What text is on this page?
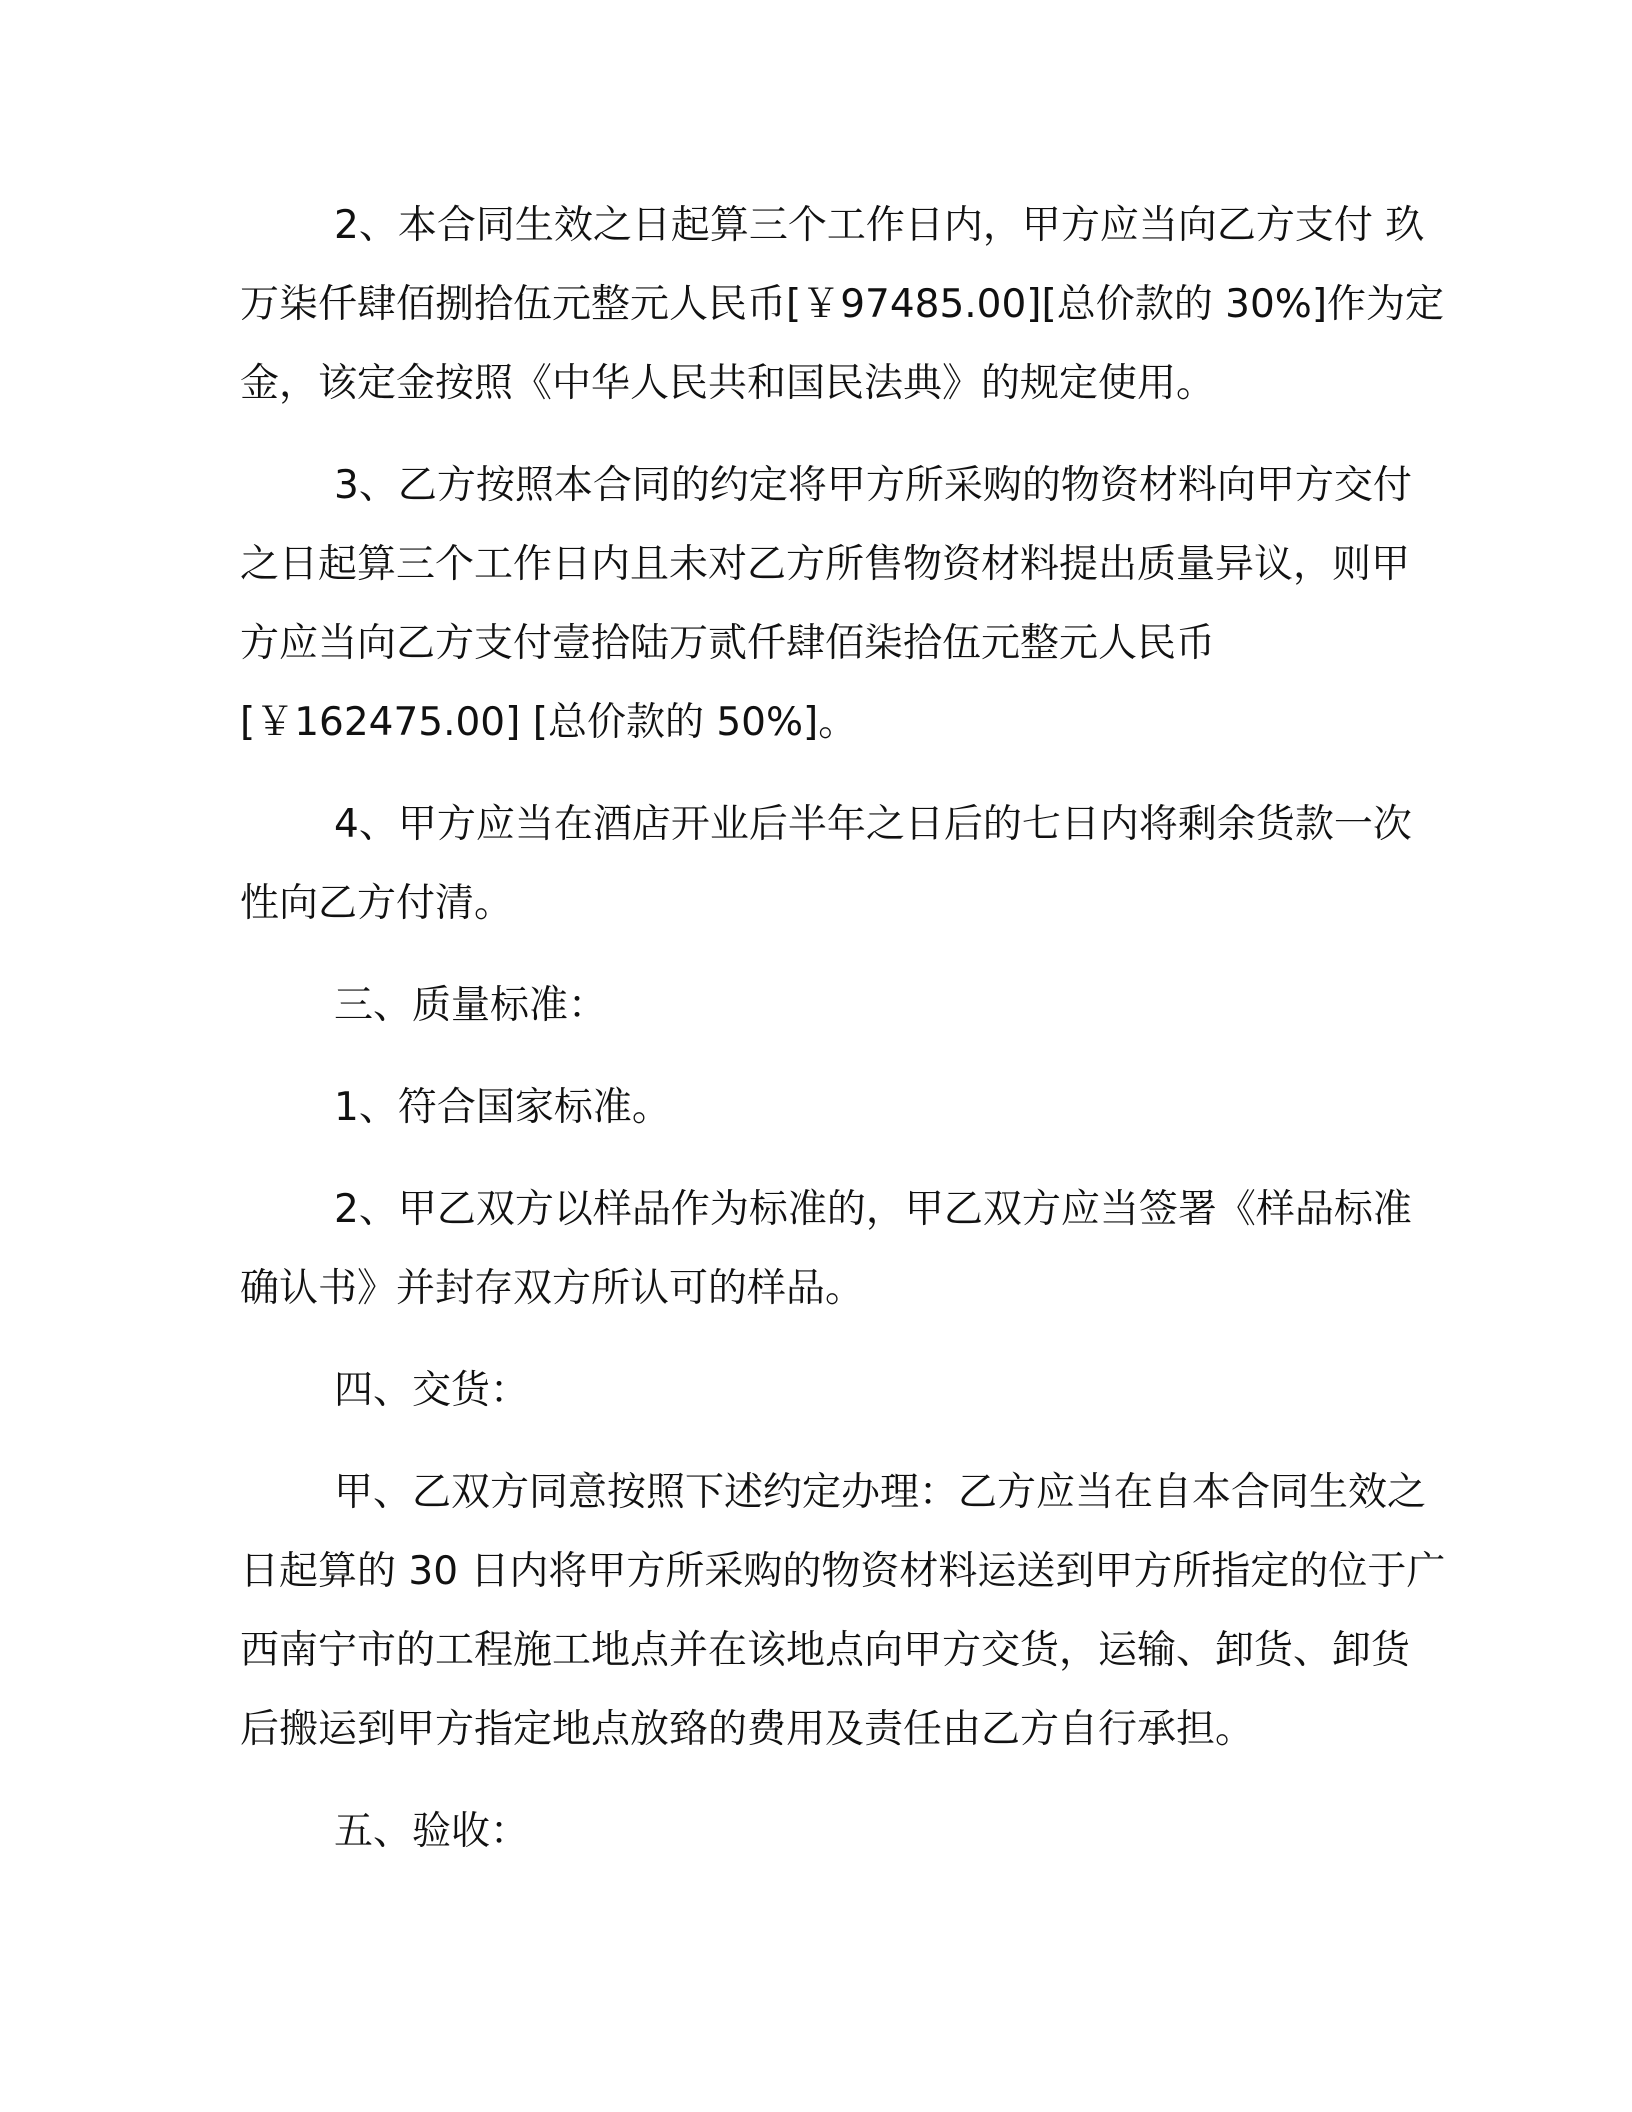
2、本合同生效之日起算三个工作日内，甲方应当向乙方支付 玖
万柒仟肆佰捌拾伍元整元人民币[￥97485.00][总价款的 30%]作为定
金，该定金按照《中华人民共和国民法典》的规定使用。
3、乙方按照本合同的约定将甲方所采购的物资材料向甲方交付
之日起算三个工作日内且未对乙方所售物资材料提出质量异议，则甲
方应当向乙方支付壹拾陆万贰仟肆佰柒拾伍元整元人民币
[￥162475.00] [总价款的 50%]。
4、甲方应当在酒店开业后半年之日后的七日内将剩余货款一次
性向乙方付清。
三、质量标准：
1、符合国家标准。
2、甲乙双方以样品作为标准的，甲乙双方应当签署《样品标准
确认书》并封存双方所认可的样品。
四、交货：
甲、乙双方同意按照下述约定办理：乙方应当在自本合同生效之
日起算的 30 日内将甲方所采购的物资材料运送到甲方所指定的位于广
西南宁市的工程施工地点并在该地点向甲方交货，运输、卸货、卸货
后搬运到甲方指定地点放臵的费用及责任由乙方自行承担。
五、验收：
